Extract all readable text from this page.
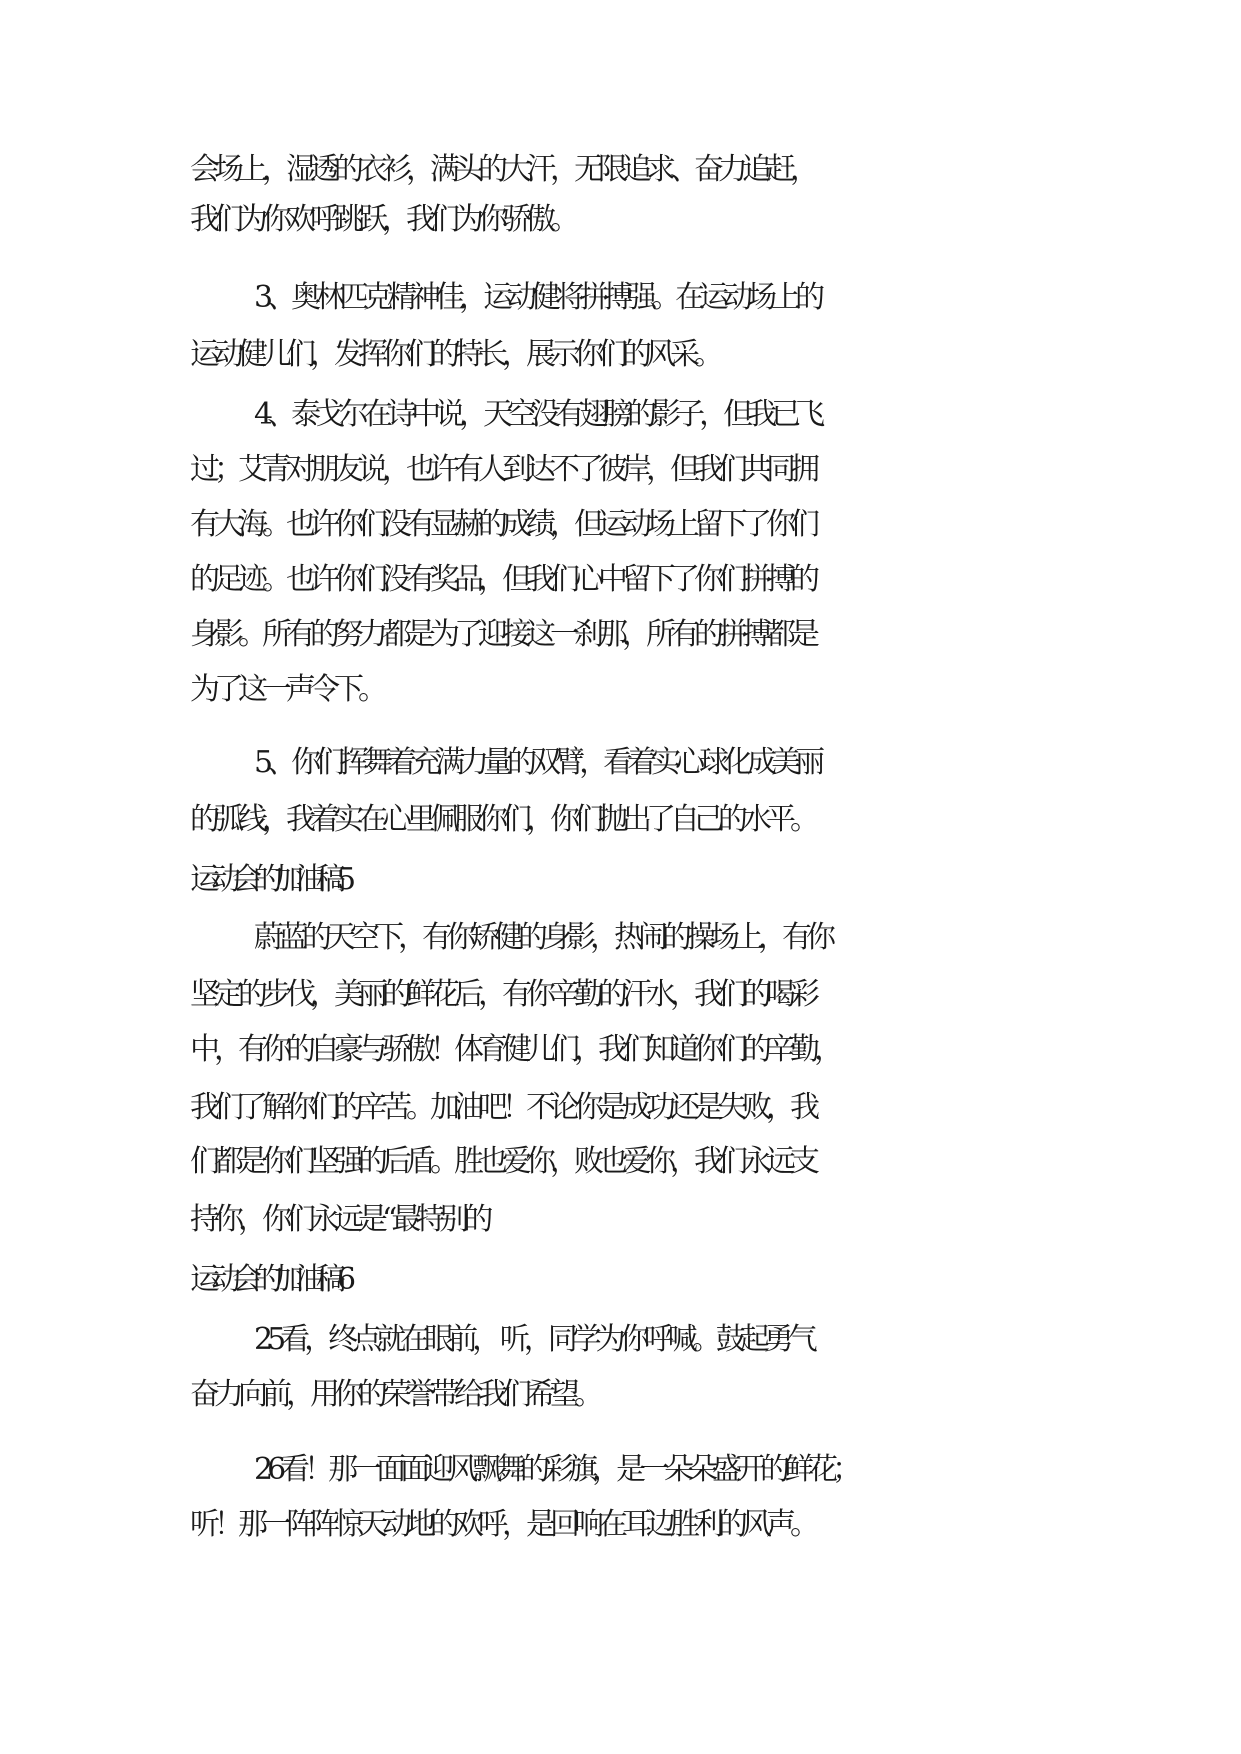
会场上，湿透的衣衫，满头的大汗，无限追求、奋力追赶，
我们为你欢呼跳跃，我们为你骄傲。
3、奥林匹克精神佳，运动健将拼搏强。在运动场上的
运动健儿们，发挥你们的特长，展示你们的风采。
4、泰戈尔在诗中说，天空没有翅膀的影子，但我已飞
过；艾青对朋友说，也许有人到达不了彼岸，但我们共同拥
有大海。也许你们没有显赫的成绩，但运动场上留下了你们
的足迹。也许你们没有奖品，但我们心中留下了你们拼搏的
身影。所有的努力都是为了迎接这一刹那，所有的拼搏都是
为了这一声令下。
5、你们挥舞着充满力量的双臂，看着实心球化成美丽
的弧线，我着实在心里佩服你们，你们抛出了自己的水平。
运动会的加油稿5
蔚蓝的天空下，有你矫健的身影，热闹的操场上，有你
坚定的步伐，美丽的鲜花后，有你辛勤的汗水，我们的喝彩
中，有你的自豪与骄傲！体育健儿们，我们知道你们的辛勤，
我们了解你们的辛苦。加油吧！不论你是成功还是失败，我
们都是你们坚强的后盾。胜也爱你，败也爱你，我们永远支
持你，你们永远是“最特别的
运动会的加油稿6
25看，终点就在眼前， 听，同学为你呼喊。鼓起勇气
奋力向前，用你的荣誉带给我们希望。
26看！那一面面迎风飘舞的彩旗，是一朵朵盛开的鲜花；
听！那一阵阵惊天动地的欢呼，是回响在耳边胜利的风声。
